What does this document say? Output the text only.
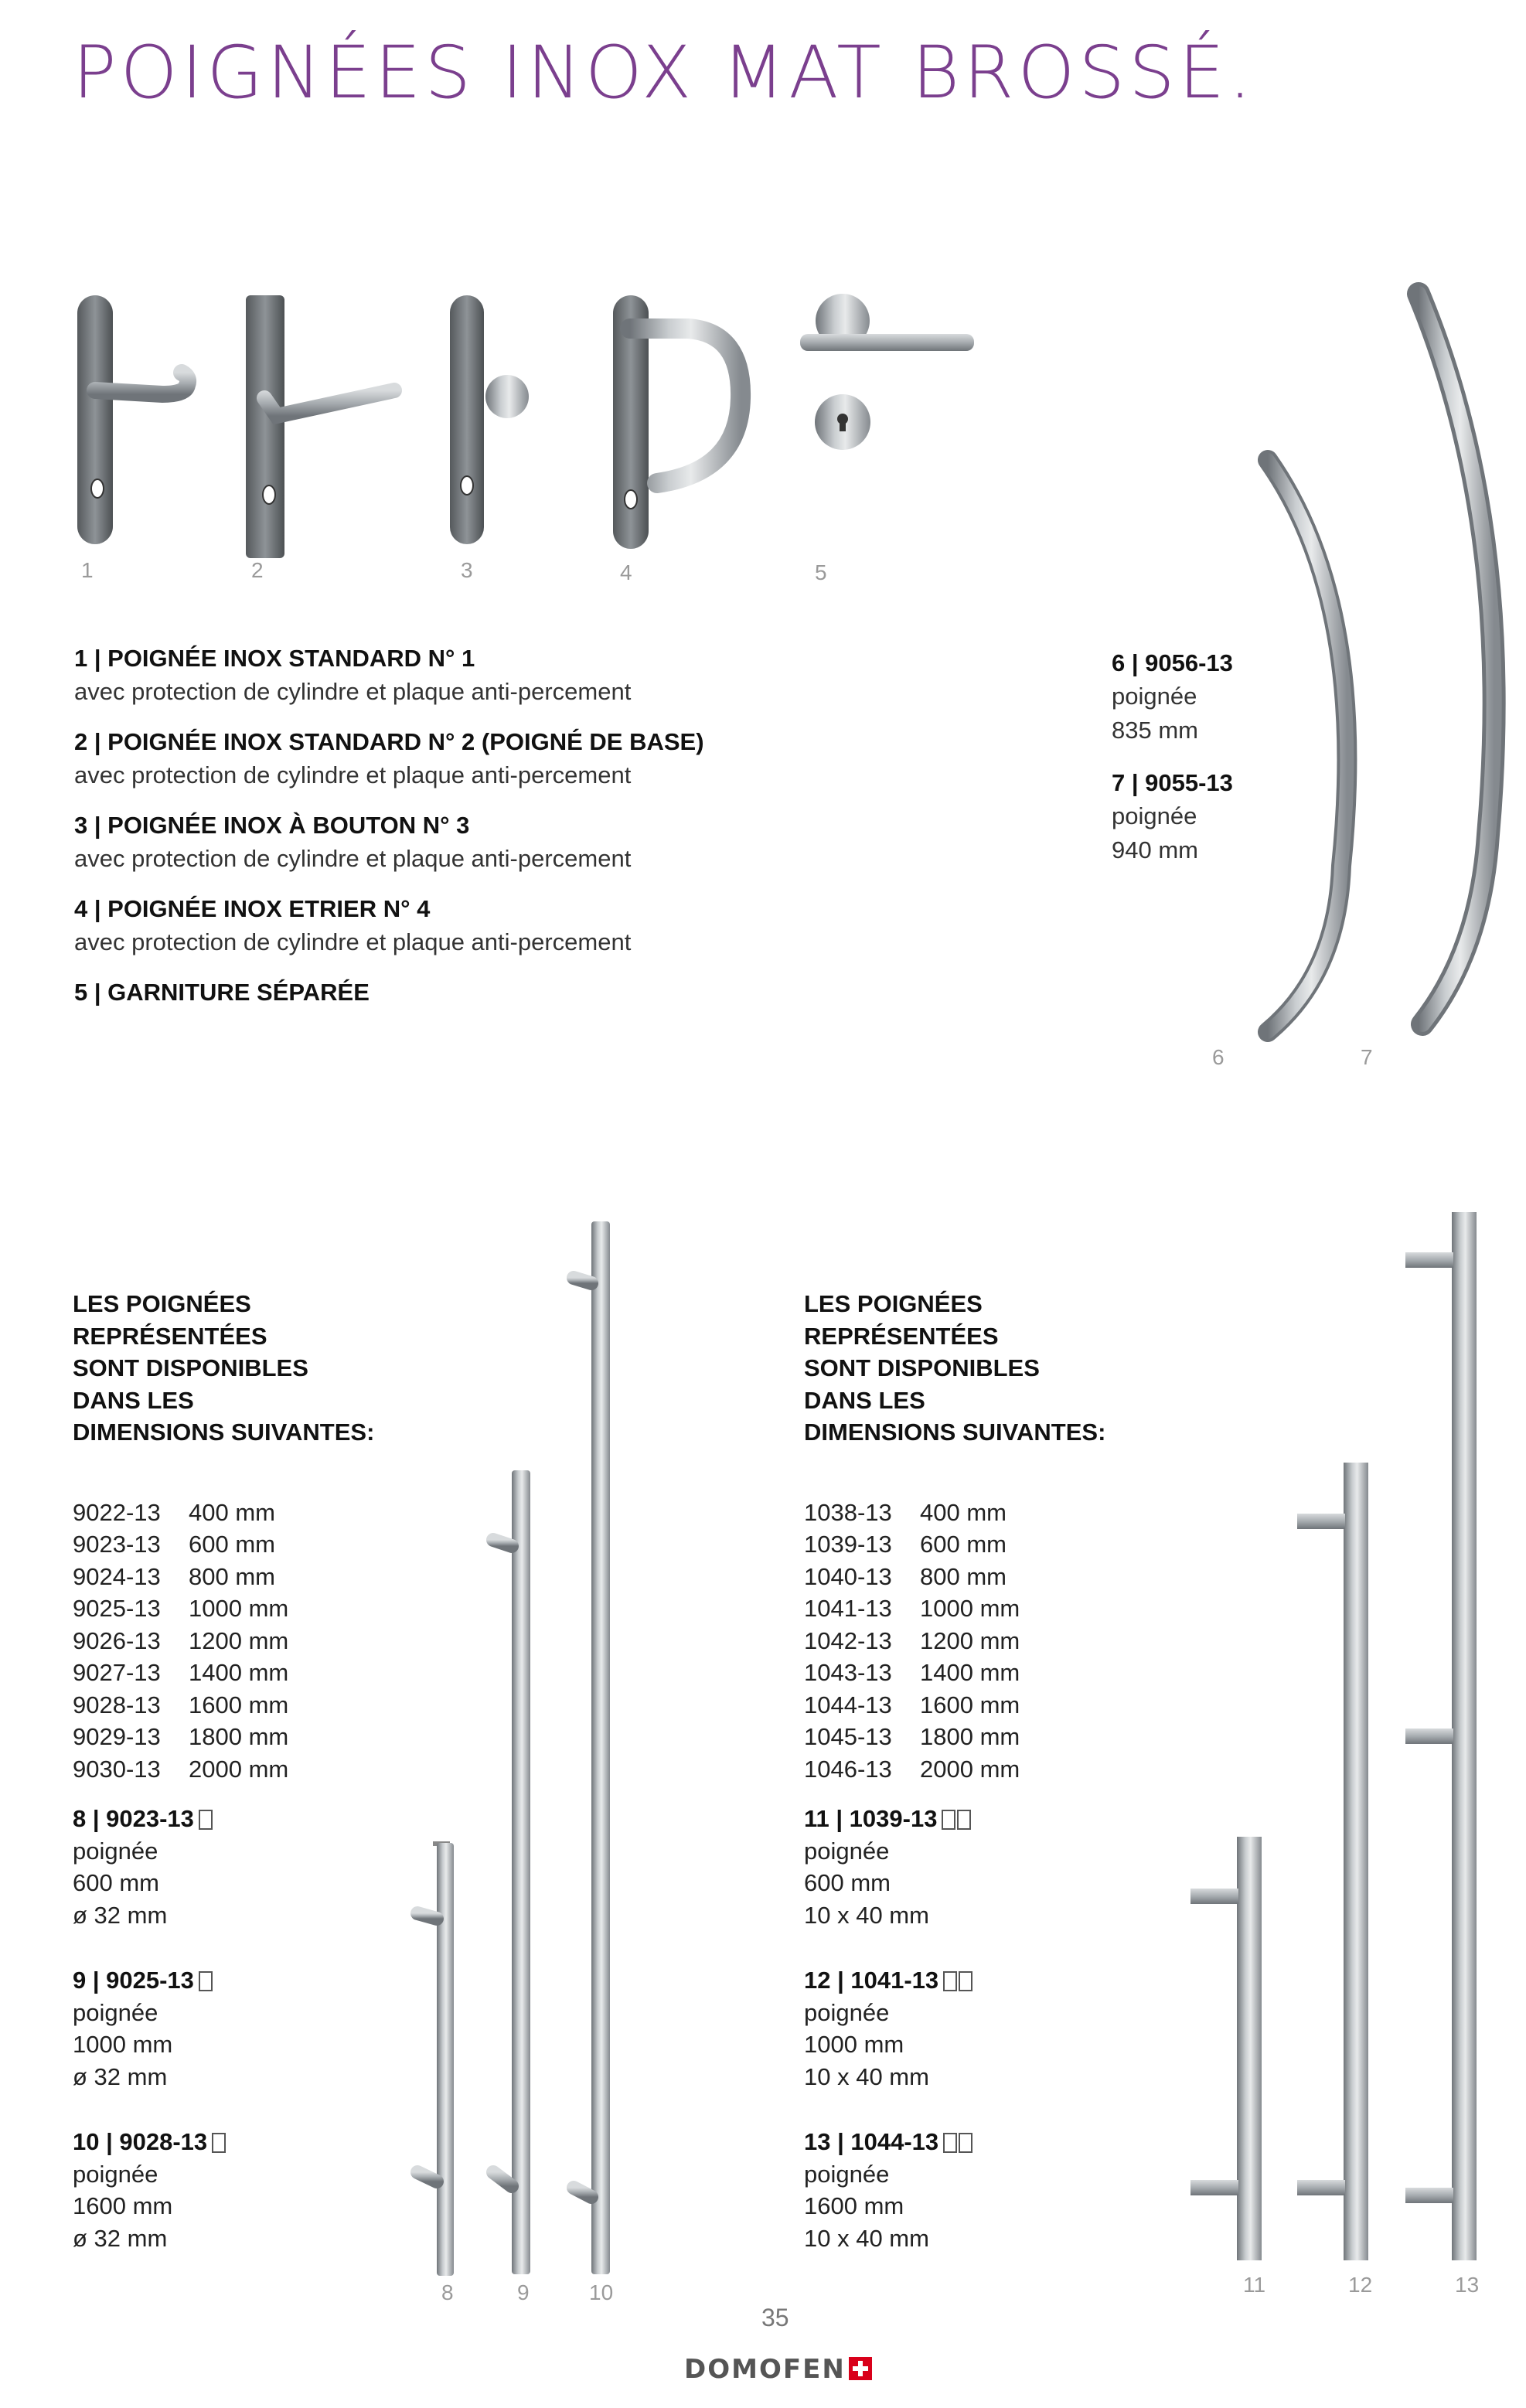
POIGNÉES INOX MAT BROSSÉ.
1	2	3	4	5
1 | POIGNÉE INOX STANDARD N° 1
avec protection de cylindre et plaque anti-percement
2 | POIGNÉE INOX STANDARD N° 2 (POIGNÉ DE BASE)
avec protection de cylindre et plaque anti-percement
3 | POIGNÉE INOX À BOUTON N° 3
avec protection de cylindre et plaque anti-percement
4 | POIGNÉE INOX ETRIER N° 4
avec protection de cylindre et plaque anti-percement
5 | GARNITURE SÉPARÉE
6 | 9056-13
poignée
835 mm
7 | 9055-13
poignée
940 mm
6	7
LES POIGNÉES
REPRÉSENTÉES
SONT DISPONIBLES
DANS LES
DIMENSIONS SUIVANTES:
9022-13	400 mm
9023-13	600 mm
9024-13	800 mm
9025-13	1000 mm
9026-13	1200 mm
9027-13	1400 mm
9028-13	1600 mm
9029-13	1800 mm
9030-13	2000 mm
8 | 9023-13
poignée
600 mm
ø 32 mm
9 | 9025-13
poignée
1000 mm
ø 32 mm
10 | 9028-13
poignée
1600 mm
ø 32 mm
8	9	10
LES POIGNÉES
REPRÉSENTÉES
SONT DISPONIBLES
DANS LES
DIMENSIONS SUIVANTES:
1038-13	400 mm
1039-13	600 mm
1040-13	800 mm
1041-13	1000 mm
1042-13	1200 mm
1043-13	1400 mm
1044-13	1600 mm
1045-13	1800 mm
1046-13	2000 mm
11 | 1039-13
poignée
600 mm
10 x 40 mm
12 | 1041-13
poignée
1000 mm
10 x 40 mm
13 | 1044-13
poignée
1600 mm
10 x 40 mm
11	12	13
35
DOMOFEN
